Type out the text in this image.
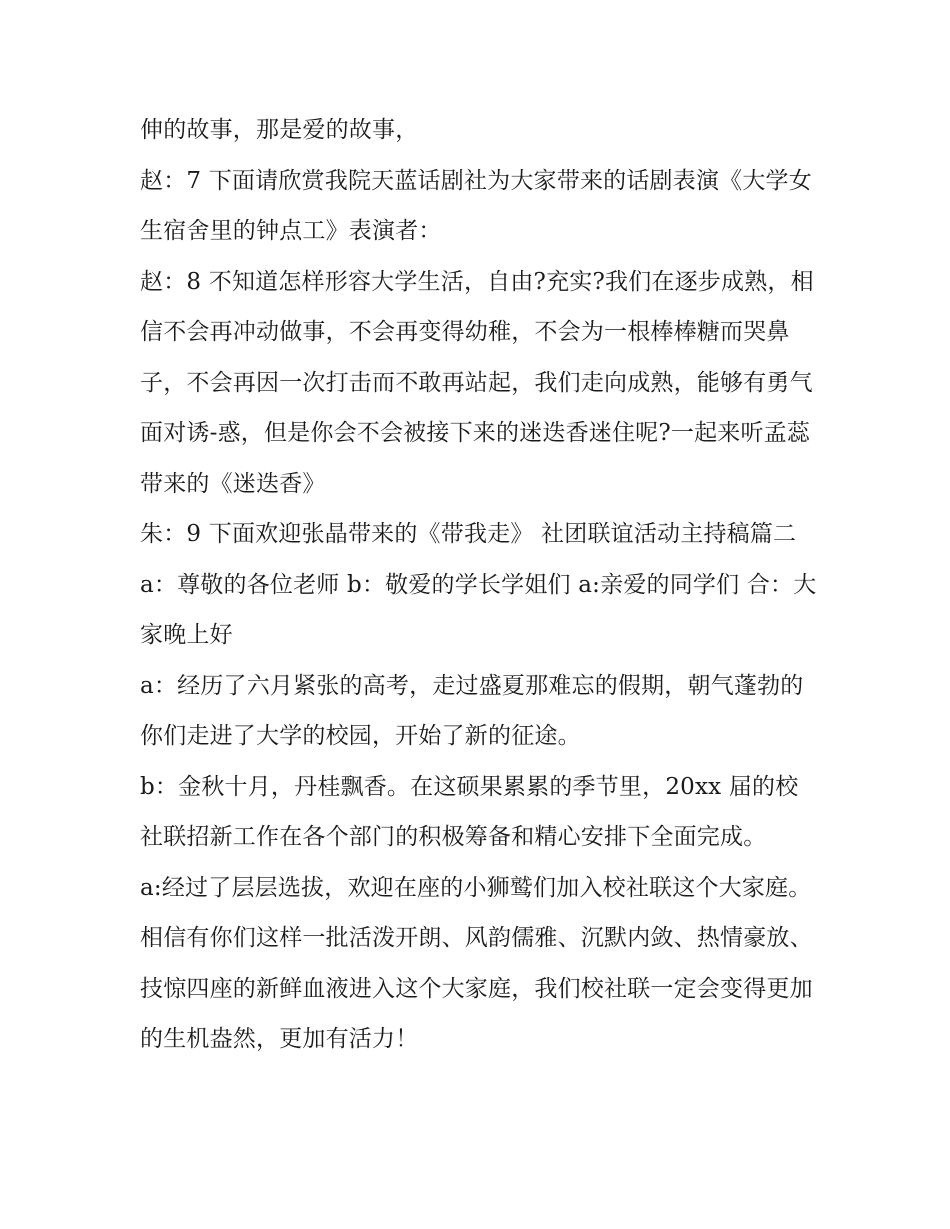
伸的故事，那是爱的故事，

赵：7 下面请欣赏我院天蓝话剧社为大家带来的话剧表演《大学女生宿舍里的钟点工》表演者：

赵：8 不知道怎样形容大学生活，自由?充实?我们在逐步成熟，相信不会再冲动做事，不会再变得幼稚，不会为一根棒棒糖而哭鼻子，不会再因一次打击而不敢再站起，我们走向成熟，能够有勇气面对诱-惑，但是你会不会被接下来的迷迭香迷住呢?一起来听孟蕊带来的《迷迭香》

朱：9 下面欢迎张晶带来的《带我走》 社团联谊活动主持稿篇二 a：尊敬的各位老师 b：敬爱的学长学姐们 a:亲爱的同学们 合：大家晚上好

a：经历了六月紧张的高考，走过盛夏那难忘的假期，朝气蓬勃的你们走进了大学的校园，开始了新的征途。

b：金秋十月，丹桂飘香。在这硕果累累的季节里，20xx 届的校社联招新工作在各个部门的积极筹备和精心安排下全面完成。

a:经过了层层选拔，欢迎在座的小狮鹫们加入校社联这个大家庭。相信有你们这样一批活泼开朗、风韵儒雅、沉默内敛、热情豪放、技惊四座的新鲜血液进入这个大家庭，我们校社联一定会变得更加的生机盎然，更加有活力！
